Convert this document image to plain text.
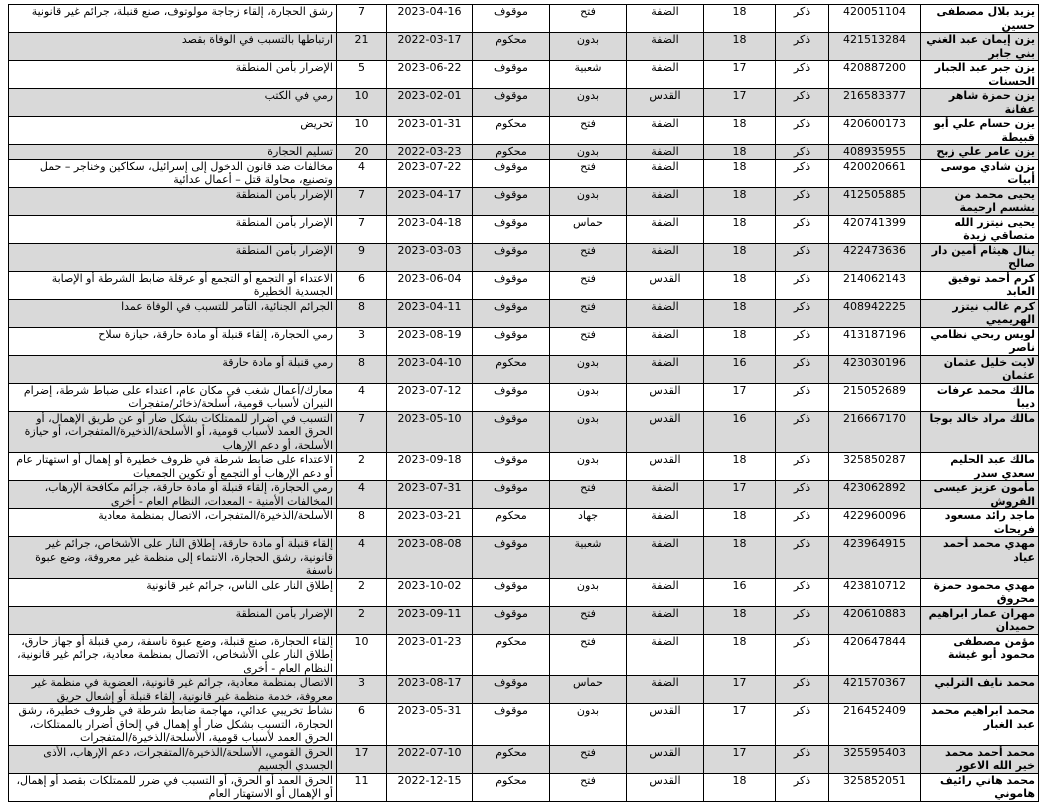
رشق الحجارة، إلقاء زجاجة مولوتوف، صنع قنبلة، جرائم غير قانونية	7	2023-04-16	موقوف	فتح	الضفة	18	ذكر	420051104	يزيد بلال مصطفى حسين
ارتباطها بالتسبب في الوفاة بقصد	21	2022-03-17	محكوم	بدون	الضفة	18	ذكر	421513284	يزن إيمان عبد الغني بني جابر
الإضرار بأمن المنطقة	5	2023-06-22	موقوف	شعبية	الضفة	17	ذكر	420887200	يزن جبر عبد الجبار الحسنات
رمي في الكتب	10	2023-02-01	موقوف	بدون	القدس	17	ذكر	216583377	يزن حمزة شاهر عفانة
تحريض	10	2023-01-31	محكوم	فتح	الضفة	18	ذكر	420600173	يزن حسام علي أبو قبيطة
تسليم الحجارة	20	2022-03-23	محكوم	بدون	الضفة	18	ذكر	408935955	يزن عامر علي زبح
مخالفات ضد قانون الدخول إلى إسرائيل، سكاكين وخناجر – حمل وتصنيع، محاولة قتل – أعمال عدائية	4	2023-07-22	موقوف	فتح	الضفة	18	ذكر	420020661	يزن شادي موسى أبيات
الإضرار بأمن المنطقة	7	2023-04-17	موقوف	بدون	الضفة	18	ذكر	412505885	يحيى محمد من بشسم ارحيمة
الإضرار بأمن المنطقة	7	2023-04-18	موقوف	حماس	الضفة	18	ذكر	420741399	يحيى نيتزر الله متصاقي زيدة
الإضرار بأمن المنطقة	9	2023-03-03	موقوف	فتح	الضفة	18	ذكر	422473636	ينال هيثام أمين دار صالح
الاعتداء أو التجمع أو التجمع أو عرقلة ضابط الشرطة أو الإصابة الجسدية الخطيرة	6	2023-06-04	موقوف	فتح	القدس	18	ذكر	214062143	كرم أحمد توفيق العابد
الجرائم الجنائية، التآمر للتسبب في الوفاة عمدا	8	2023-04-11	موقوف	فتح	الضفة	18	ذكر	408942225	كرم غالب نيتزر الهريميي
رمي الحجارة، إلقاء قنبلة أو مادة حارقة، حيازة سلاح	3	2023-08-19	موقوف	فتح	الضفة	18	ذكر	413187196	لويس ربحي نظامي ناصر
رمي قنبلة أو مادة حارقة	8	2023-04-10	محكوم	بدون	الضفة	16	ذكر	423030196	لايت خليل عثمان عثمان
معارك/أعمال شغب في مكان عام، اعتداء على ضباط شرطة، إضرام النيران لأسباب قومية، أسلحة/ذخائر/متفجرات	4	2023-07-12	موقوف	بدون	القدس	17	ذكر	215052689	مالك محمد عرفات ديبا
التسبب في أضرار للممتلكات بشكل ضار أو عن طريق الإهمال، أو الحرق العمد لأسباب قومية، أو الأسلحة/الذخيرة/المتفجرات، أو حيازة الأسلحة، أو دعم الإرهاب	7	2023-05-10	موقوف	بدون	القدس	16	ذكر	216667170	مالك مراد خالد بوجا
الاعتداء على ضابط شرطة في ظروف خطيرة أو إهمال أو استهتار عام أو دعم الإرهاب أو التجمع أو تكوين الجمعيات	2	2023-09-18	موقوف	بدون	القدس	18	ذكر	325850287	مالك عبد الحليم سعدي سدر
رمي الحجارة، إلقاء قنبلة أو مادة حارقة، جرائم مكافحة الإرهاب، المخالفات الأمنية - المعدات، النظام العام - أخرى	4	2023-07-31	موقوف	فتح	الضفة	17	ذكر	423062892	مأمون عزيز عيسى الفروش
الأسلحة/الذخيرة/المتفجرات، الاتصال بمنظمة معادية	8	2023-03-21	محكوم	جهاد	الضفة	18	ذكر	422960096	ماجد رائد مسعود فريحات
إلقاء قنبلة أو مادة حارقة، إطلاق النار على الأشخاص، جرائم غير قانونية، رشق الحجارة، الانتماء إلى منظمة غير معروفة، وضع عبوة ناسفة	4	2023-08-08	موقوف	شعبية	الضفة	18	ذكر	423964915	مهدي محمد أحمد عياد
إطلاق النار على الناس، جرائم غير قانونية	2	2023-10-02	موقوف	بدون	الضفة	16	ذكر	423810712	مهدي محمود حمزة محروق
الإضرار بأمن المنطقة	2	2023-09-11	موقوف	فتح	الضفة	18	ذكر	420610883	مهران عمار ابراهيم حميدان
إلقاء الحجارة، صنع قنبلة، وضع عبوة ناسفة، رمي قنبلة أو جهاز حارق، إطلاق النار على الأشخاص، الاتصال بمنظمة معادية، جرائم غير قانونية، النظام العام - أخرى	10	2023-01-23	محكوم	فتح	الضفة	18	ذكر	420647844	مؤمن مصطفى محمود أبو غيشة
الاتصال بمنظمة معادية، جرائم غير قانونية، العضوية في منظمة غير معروفة، خدمة منظمة غير قانونية، إلقاء قنبلة أو إشعال حريق	3	2023-08-17	موقوف	حماس	الضفة	17	ذكر	421570367	محمد نايف الترلبي
نشاط تخريبي عدائي، مهاجمة ضابط شرطة في ظروف خطيرة، رشق الحجارة، التسبب بشكل ضار أو إهمال في إلحاق أضرار بالممتلكات، الحرق العمد لأسباب قومية، الأسلحة/الذخيرة/المتفجرات	6	2023-05-31	موقوف	بدون	القدس	17	ذكر	216452409	محمد ابراهيم محمد عبد الغبار
الحرق القومي، الأسلحة/الذخيرة/المتفجرات، دعم الإرهاب، الأذى الجسدي الجسيم	17	2022-07-10	محكوم	فتح	القدس	17	ذكر	325595403	محمد أحمد محمد خير الله الاعور
الحرق العمد أو الحرق، أو التسبب في ضرر للممتلكات بقصد أو إهمال، أو الإهمال أو الاستهتار العام	11	2022-12-15	محكوم	فتح	القدس	18	ذكر	325852051	محمد هاني رائيف هاموني
